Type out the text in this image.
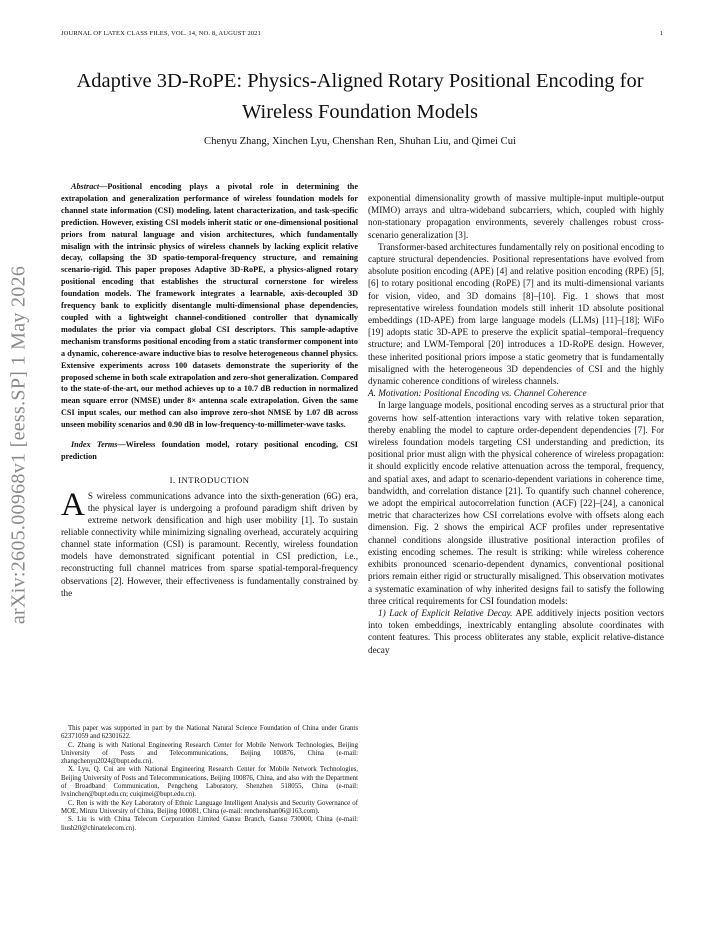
JOURNAL OF LATEX CLASS FILES, VOL. 14, NO. 8, AUGUST 2021	1
Adaptive 3D-RoPE: Physics-Aligned Rotary Positional Encoding for Wireless Foundation Models
Chenyu Zhang, Xinchen Lyu, Chenshan Ren, Shuhan Liu, and Qimei Cui
arXiv:2605.00968v1 [eess.SP] 1 May 2026

Abstract—Positional encoding plays a pivotal role in determining the extrapolation and generalization performance of wireless foundation models for channel state information (CSI) modeling, latent characterization, and task-specific prediction. However, existing CSI models inherit static or one-dimensional positional priors from natural language and vision architectures, which fundamentally misalign with the intrinsic physics of wireless channels by lacking explicit relative decay, collapsing the 3D spatio-temporal-frequency structure, and remaining scenario-rigid. This paper proposes Adaptive 3D-RoPE, a physics-aligned rotary positional encoding that establishes the structural cornerstone for wireless foundation models. The framework integrates a learnable, axis-decoupled 3D frequency bank to explicitly disentangle multi-dimensional phase dependencies, coupled with a lightweight channel-conditioned controller that dynamically modulates the prior via compact global CSI descriptors. This sample-adaptive mechanism transforms positional encoding from a static transformer component into a dynamic, coherence-aware inductive bias to resolve heterogeneous channel physics. Extensive experiments across 100 datasets demonstrate the superiority of the proposed scheme in both scale extrapolation and zero-shot generalization. Compared to the state-of-the-art, our method achieves up to a 10.7 dB reduction in normalized mean square error (NMSE) under 8× antenna scale extrapolation. Given the same CSI input scales, our method can also improve zero-shot NMSE by 1.07 dB across unseen mobility scenarios and 0.90 dB in low-frequency-to-millimeter-wave tasks.

Index Terms—Wireless foundation model, rotary positional encoding, CSI prediction

I. INTRODUCTION

A S wireless communications advance into the sixth-generation (6G) era, the physical layer is undergoing a profound paradigm shift driven by extreme network densification and high user mobility [1]. To sustain reliable connectivity while minimizing signaling overhead, accurately acquiring channel state information (CSI) is paramount. Recently, wireless foundation models have demonstrated significant potential in CSI prediction, i.e., reconstructing full channel matrices from sparse spatial-temporal-frequency observations [2]. However, their effectiveness is fundamentally constrained by the

This paper was supported in part by the National Natural Science Foundation of China under Grants 62371059 and 62301622.

C. Zhang is with National Engineering Research Center for Mobile Network Technologies, Beijing University of Posts and Telecommunications, Beijing 100876, China (e-mail: zhangchenyu2024@bupt.edu.cn).

X. Lyu, Q. Cui are with National Engineering Research Center for Mobile Network Technologies, Beijing University of Posts and Telecommunications, Beijing 100876, China, and also with the Department of Broadband Communication, Pengcheng Laboratory, Shenzhen 518055, China (e-mail: lvxinchen@bupt.edu.cn; cuiqimei@bupt.edu.cn).

C. Ren is with the Key Laboratory of Ethnic Language Intelligent Analysis and Security Governance of MOE, Minzu University of China, Beijing 100081, China (e-mail: renchenshan06@163.com).

S. Liu is with China Telecom Corporation Limited Gansu Branch, Gansu 730000, China (e-mail: liush20@chinatelecom.cn).

exponential dimensionality growth of massive multiple-input multiple-output (MIMO) arrays and ultra-wideband subcarriers, which, coupled with highly non-stationary propagation environments, severely challenges robust cross-scenario generalization [3].

Transformer-based architectures fundamentally rely on positional encoding to capture structural dependencies. Positional representations have evolved from absolute position encoding (APE) [4] and relative position encoding (RPE) [5], [6] to rotary positional encoding (RoPE) [7] and its multi-dimensional variants for vision, video, and 3D domains [8]–[10]. Fig. 1 shows that most representative wireless foundation models still inherit 1D absolute positional embeddings (1D-APE) from large language models (LLMs) [11]–[18]; WiFo [19] adopts static 3D-APE to preserve the explicit spatial–temporal–frequency structure; and LWM-Temporal [20] introduces a 1D-RoPE design. However, these inherited positional priors impose a static geometry that is fundamentally misaligned with the heterogeneous 3D dependencies of CSI and the highly dynamic coherence conditions of wireless channels.

A. Motivation: Positional Encoding vs. Channel Coherence

In large language models, positional encoding serves as a structural prior that governs how self-attention interactions vary with relative token separation, thereby enabling the model to capture order-dependent dependencies [7]. For wireless foundation models targeting CSI understanding and prediction, its positional prior must align with the physical coherence of wireless propagation: it should explicitly encode relative attenuation across the temporal, frequency, and spatial axes, and adapt to scenario-dependent variations in coherence time, bandwidth, and correlation distance [21]. To quantify such channel coherence, we adopt the empirical autocorrelation function (ACF) [22]–[24], a canonical metric that characterizes how CSI correlations evolve with offsets along each dimension. Fig. 2 shows the empirical ACF profiles under representative channel conditions alongside illustrative positional interaction profiles of existing encoding schemes. The result is striking: while wireless coherence exhibits pronounced scenario-dependent dynamics, conventional positional priors remain either rigid or structurally misaligned. This observation motivates a systematic examination of why inherited designs fail to satisfy the following three critical requirements for CSI foundation models:

1) Lack of Explicit Relative Decay. APE additively injects position vectors into token embeddings, inextricably entangling absolute coordinates with content features. This process obliterates any stable, explicit relative-distance decay
